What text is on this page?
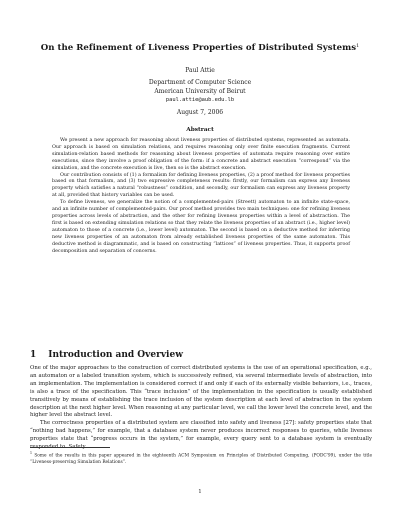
On the Refinement of Liveness Properties of Distributed Systems$^1$
Paul Attie
Department of Computer Science
American University of Beirut
paul.attie@aub.edu.lb
August 7, 2006
Abstract

We present a new approach for reasoning about liveness properties of distributed systems, represented as automata. Our approach is based on simulation relations, and requires reasoning only over finite execution fragments. Current simulation-relation based methods for reasoning about liveness properties of automata require reasoning over entire executions, since they involve a proof obligation of the form: if a concrete and abstract execution “correspond” via the simulation, and the concrete execution is live, then so is the abstract execution.

Our contribution consists of (1) a formalism for defining liveness properties, (2) a proof method for liveness properties based on that formalism, and (3) two expressive completeness results: firstly, our formalism can express any liveness property which satisfies a natural “robustness” condition, and secondly, our formalism can express any liveness property at all, provided that history variables can be used.

To define liveness, we generalize the notion of a complemented-pairs (Streett) automaton to an infinite state-space, and an infinite number of complemented-pairs. Our proof method provides two main techniques: one for refining liveness properties across levels of abstraction, and the other for refining liveness properties within a level of abstraction. The first is based on extending simulation relations so that they relate the liveness properties of an abstract (i.e., higher level) automaton to those of a concrete (i.e., lower level) automaton. The second is based on a deductive method for inferring new liveness properties of an automaton from already established liveness properties of the same automaton. This deductive method is diagrammatic, and is based on constructing “lattices” of liveness properties. Thus, it supports proof decomposition and separation of concerns.

1 Introduction and Overview

One of the major approaches to the construction of correct distributed systems is the use of an operational specification, e.g., an automaton or a labeled transition system, which is successively refined, via several intermediate levels of abstraction, into an implementation. The implementation is considered correct if and only if each of its externally visible behaviors, i.e., traces, is also a trace of the specification. This “trace inclusion” of the implementation in the specification is usually established transitively by means of establishing the trace inclusion of the system description at each level of abstraction in the system description at the next higher level. When reasoning at any particular level, we call the lower level the concrete level, and the higher level the abstract level.

The correctness properties of a distributed system are classified into safety and liveness [27]: safety properties state that “nothing bad happens,” for example, that a database system never produces incorrect responses to queries, while liveness properties state that “progress occurs in the system,” for example, every query sent to a database system is eventually responded to. Safety

$^1$ Some of the results in this paper appeared in the eighteenth ACM Symposium on Principles of Distributed Computing, (PODC'99), under the title “Liveness-preserving Simulation Relations”.
1
